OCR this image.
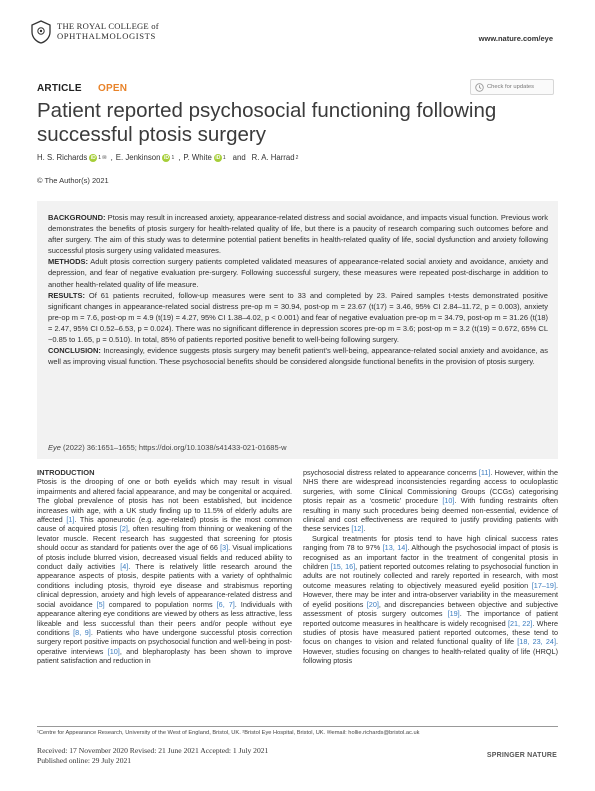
THE ROYAL COLLEGE of
OPHTHALMOLOGISTS	www.nature.com/eye
ARTICLE OPEN	Check for updates
Patient reported psychosocial functioning following successful ptosis surgery
H. S. Richards iD 1 ✉ , E. Jenkinson iD 1 , P. White iD 1 and R. A. Harrad 2
© The Author(s) 2021

BACKGROUND: Ptosis may result in increased anxiety, appearance-related distress and social avoidance, and impacts visual function. Previous work demonstrates the benefits of ptosis surgery for health-related quality of life, but there is a paucity of research comparing such outcomes before and after surgery. The aim of this study was to determine potential patient benefits in health-related quality of life, social dysfunction and anxiety following successful ptosis surgery using validated measures.

METHODS: Adult ptosis correction surgery patients completed validated measures of appearance-related social anxiety and avoidance, anxiety and depression, and fear of negative evaluation pre-surgery. Following successful surgery, these measures were repeated post-discharge in addition to another health-related quality of life measure.

RESULTS: Of 61 patients recruited, follow-up measures were sent to 33 and completed by 23. Paired samples t-tests demonstrated positive significant changes in appearance-related social distress pre-op m = 30.94, post-op m = 23.67 (t(17) = 3.46, 95% CI 2.84–11.72, p = 0.003), anxiety pre-op m = 7.6, post-op m = 4.9 (t(19) = 4.27, 95% CI 1.38–4.02, p < 0.001) and fear of negative evaluation pre-op m = 34.79, post-op m = 31.26 (t(18) = 2.47, 95% CI 0.52–6.53, p = 0.024). There was no significant difference in depression scores pre-op m = 3.6; post-op m = 3.2 (t(19) = 0.672, 65% CL −0.85 to 1.65, p = 0.510). In total, 85% of patients reported positive benefit to well-being following surgery.

CONCLUSION: Increasingly, evidence suggests ptosis surgery may benefit patient’s well-being, appearance-related social anxiety and avoidance, as well as improving visual function. These psychosocial benefits should be considered alongside functional benefits in the provision of ptosis surgery.

Eye (2022) 36:1651–1655; https://doi.org/10.1038/s41433-021-01685-w
INTRODUCTION

Ptosis is the drooping of one or both eyelids which may result in visual impairments and altered facial appearance, and may be congenital or acquired. The global prevalence of ptosis has not been established, but incidence increases with age, with a UK study finding up to 11.5% of elderly adults are affected [1]. This aponeurotic (e.g. age-related) ptosis is the most common cause of acquired ptosis [2], often resulting from thinning or weakening of the levator muscle. Recent research has suggested that screening for ptosis should occur as standard for patients over the age of 66 [3]. Visual implications of ptosis include blurred vision, decreased visual fields and reduced ability to conduct daily activities [4]. There is relatively little research around the appearance aspects of ptosis, despite patients with a variety of ophthalmic conditions including ptosis, thyroid eye disease and strabismus reporting clinical depression, anxiety and high levels of appearance-related distress and social avoidance [5] compared to population norms [6, 7]. Individuals with appearance altering eye conditions are viewed by others as less attractive, less likeable and less successful than their peers and/or people without eye conditions [8, 9]. Patients who have undergone successful ptosis correction surgery report positive impacts on psychosocial function and well-being in post-operative interviews [10], and blepharoplasty has been shown to improve patient satisfaction and reduction in

psychosocial distress related to appearance concerns [11]. However, within the NHS there are widespread inconsistencies regarding access to oculoplastic surgeries, with some Clinical Commissioning Groups (CCGs) categorising ptosis repair as a ‘cosmetic’ procedure [10]. With funding restraints often resulting in many such procedures being deemed non-essential, evidence of clinical and cost effectiveness are required to justify providing patients with these services [12].

Surgical treatments for ptosis tend to have high clinical success rates ranging from 78 to 97% [13, 14]. Although the psychosocial impact of ptosis is recognised as an important factor in the treatment of congenital ptosis in children [15, 16], patient reported outcomes relating to psychosocial function in adults are not routinely collected and rarely reported in research, with most outcome measures relating to objectively measured eyelid position [17–19]. However, there may be inter and intra-observer variability in the measurement of eyelid positions [20], and discrepancies between objective and subjective assessment of ptosis surgery outcomes [19]. The importance of patient reported outcome measures in healthcare is widely recognised [21, 22]. Where studies of ptosis have measured patient reported outcomes, these tend to focus on changes to vision and related functional quality of life [18, 23, 24]. However, studies focusing on changes to health-related quality of life (HRQL) following ptosis

¹Centre for Appearance Research, University of the West of England, Bristol, UK. ²Bristol Eye Hospital, Bristol, UK. ✉email: hollie.richards@bristol.ac.uk
Received: 17 November 2020 Revised: 21 June 2021 Accepted: 1 July 2021
Published online: 29 July 2021	SPRINGER NATURE
